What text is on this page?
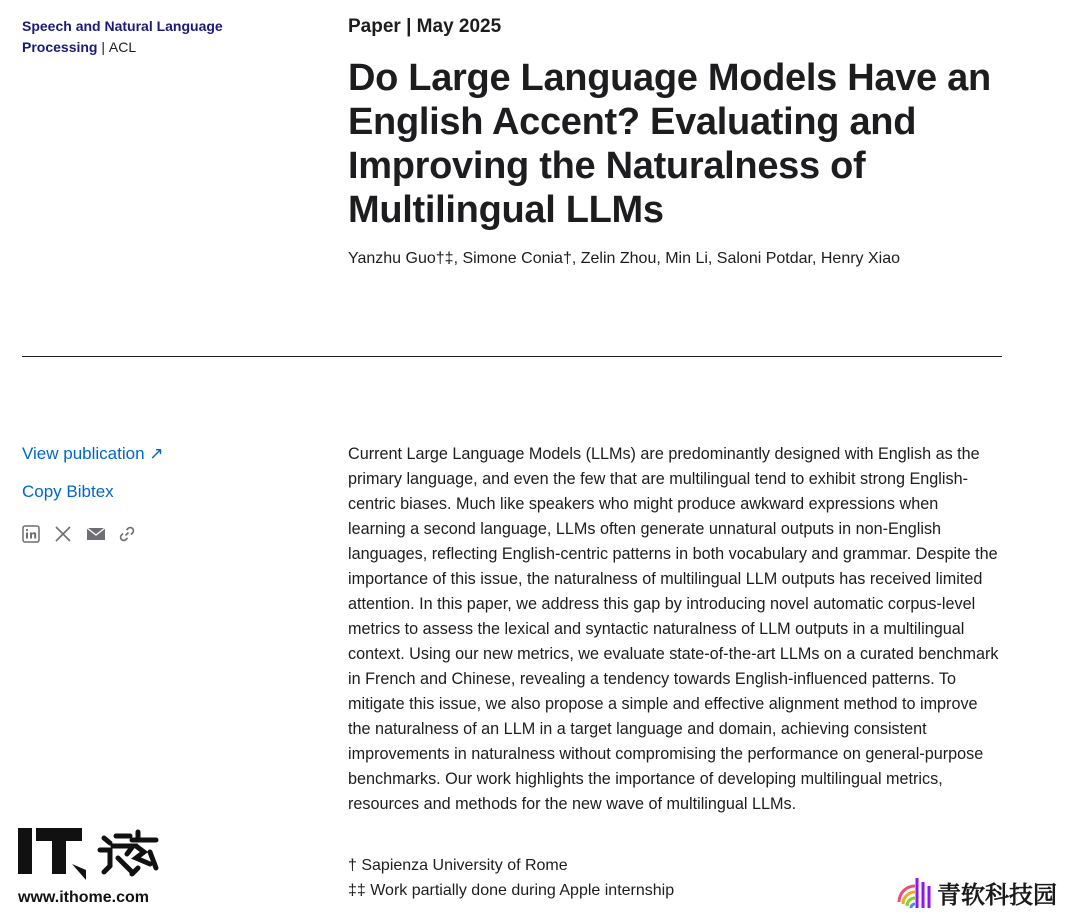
Speech and Natural Language Processing | ACL
Paper | May 2025
Do Large Language Models Have an English Accent? Evaluating and Improving the Naturalness of Multilingual LLMs
Yanzhu Guo†‡, Simone Conia†, Zelin Zhou, Min Li, Saloni Potdar, Henry Xiao
View publication ↗
Copy Bibtex

Current Large Language Models (LLMs) are predominantly designed with English as the primary language, and even the few that are multilingual tend to exhibit strong English-centric biases. Much like speakers who might produce awkward expressions when learning a second language, LLMs often generate unnatural outputs in non-English languages, reflecting English-centric patterns in both vocabulary and grammar. Despite the importance of this issue, the naturalness of multilingual LLM outputs has received limited attention. In this paper, we address this gap by introducing novel automatic corpus-level metrics to assess the lexical and syntactic naturalness of LLM outputs in a multilingual context. Using our new metrics, we evaluate state-of-the-art LLMs on a curated benchmark in French and Chinese, revealing a tendency towards English-influenced patterns. To mitigate this issue, we also propose a simple and effective alignment method to improve the naturalness of an LLM in a target language and domain, achieving consistent improvements in naturalness without compromising the performance on general-purpose benchmarks. Our work highlights the importance of developing multilingual metrics, resources and methods for the new wave of multilingual LLMs.

† Sapienza University of Rome
‡‡ Work partially done during Apple internship
www.ithome.com	青软科技园
